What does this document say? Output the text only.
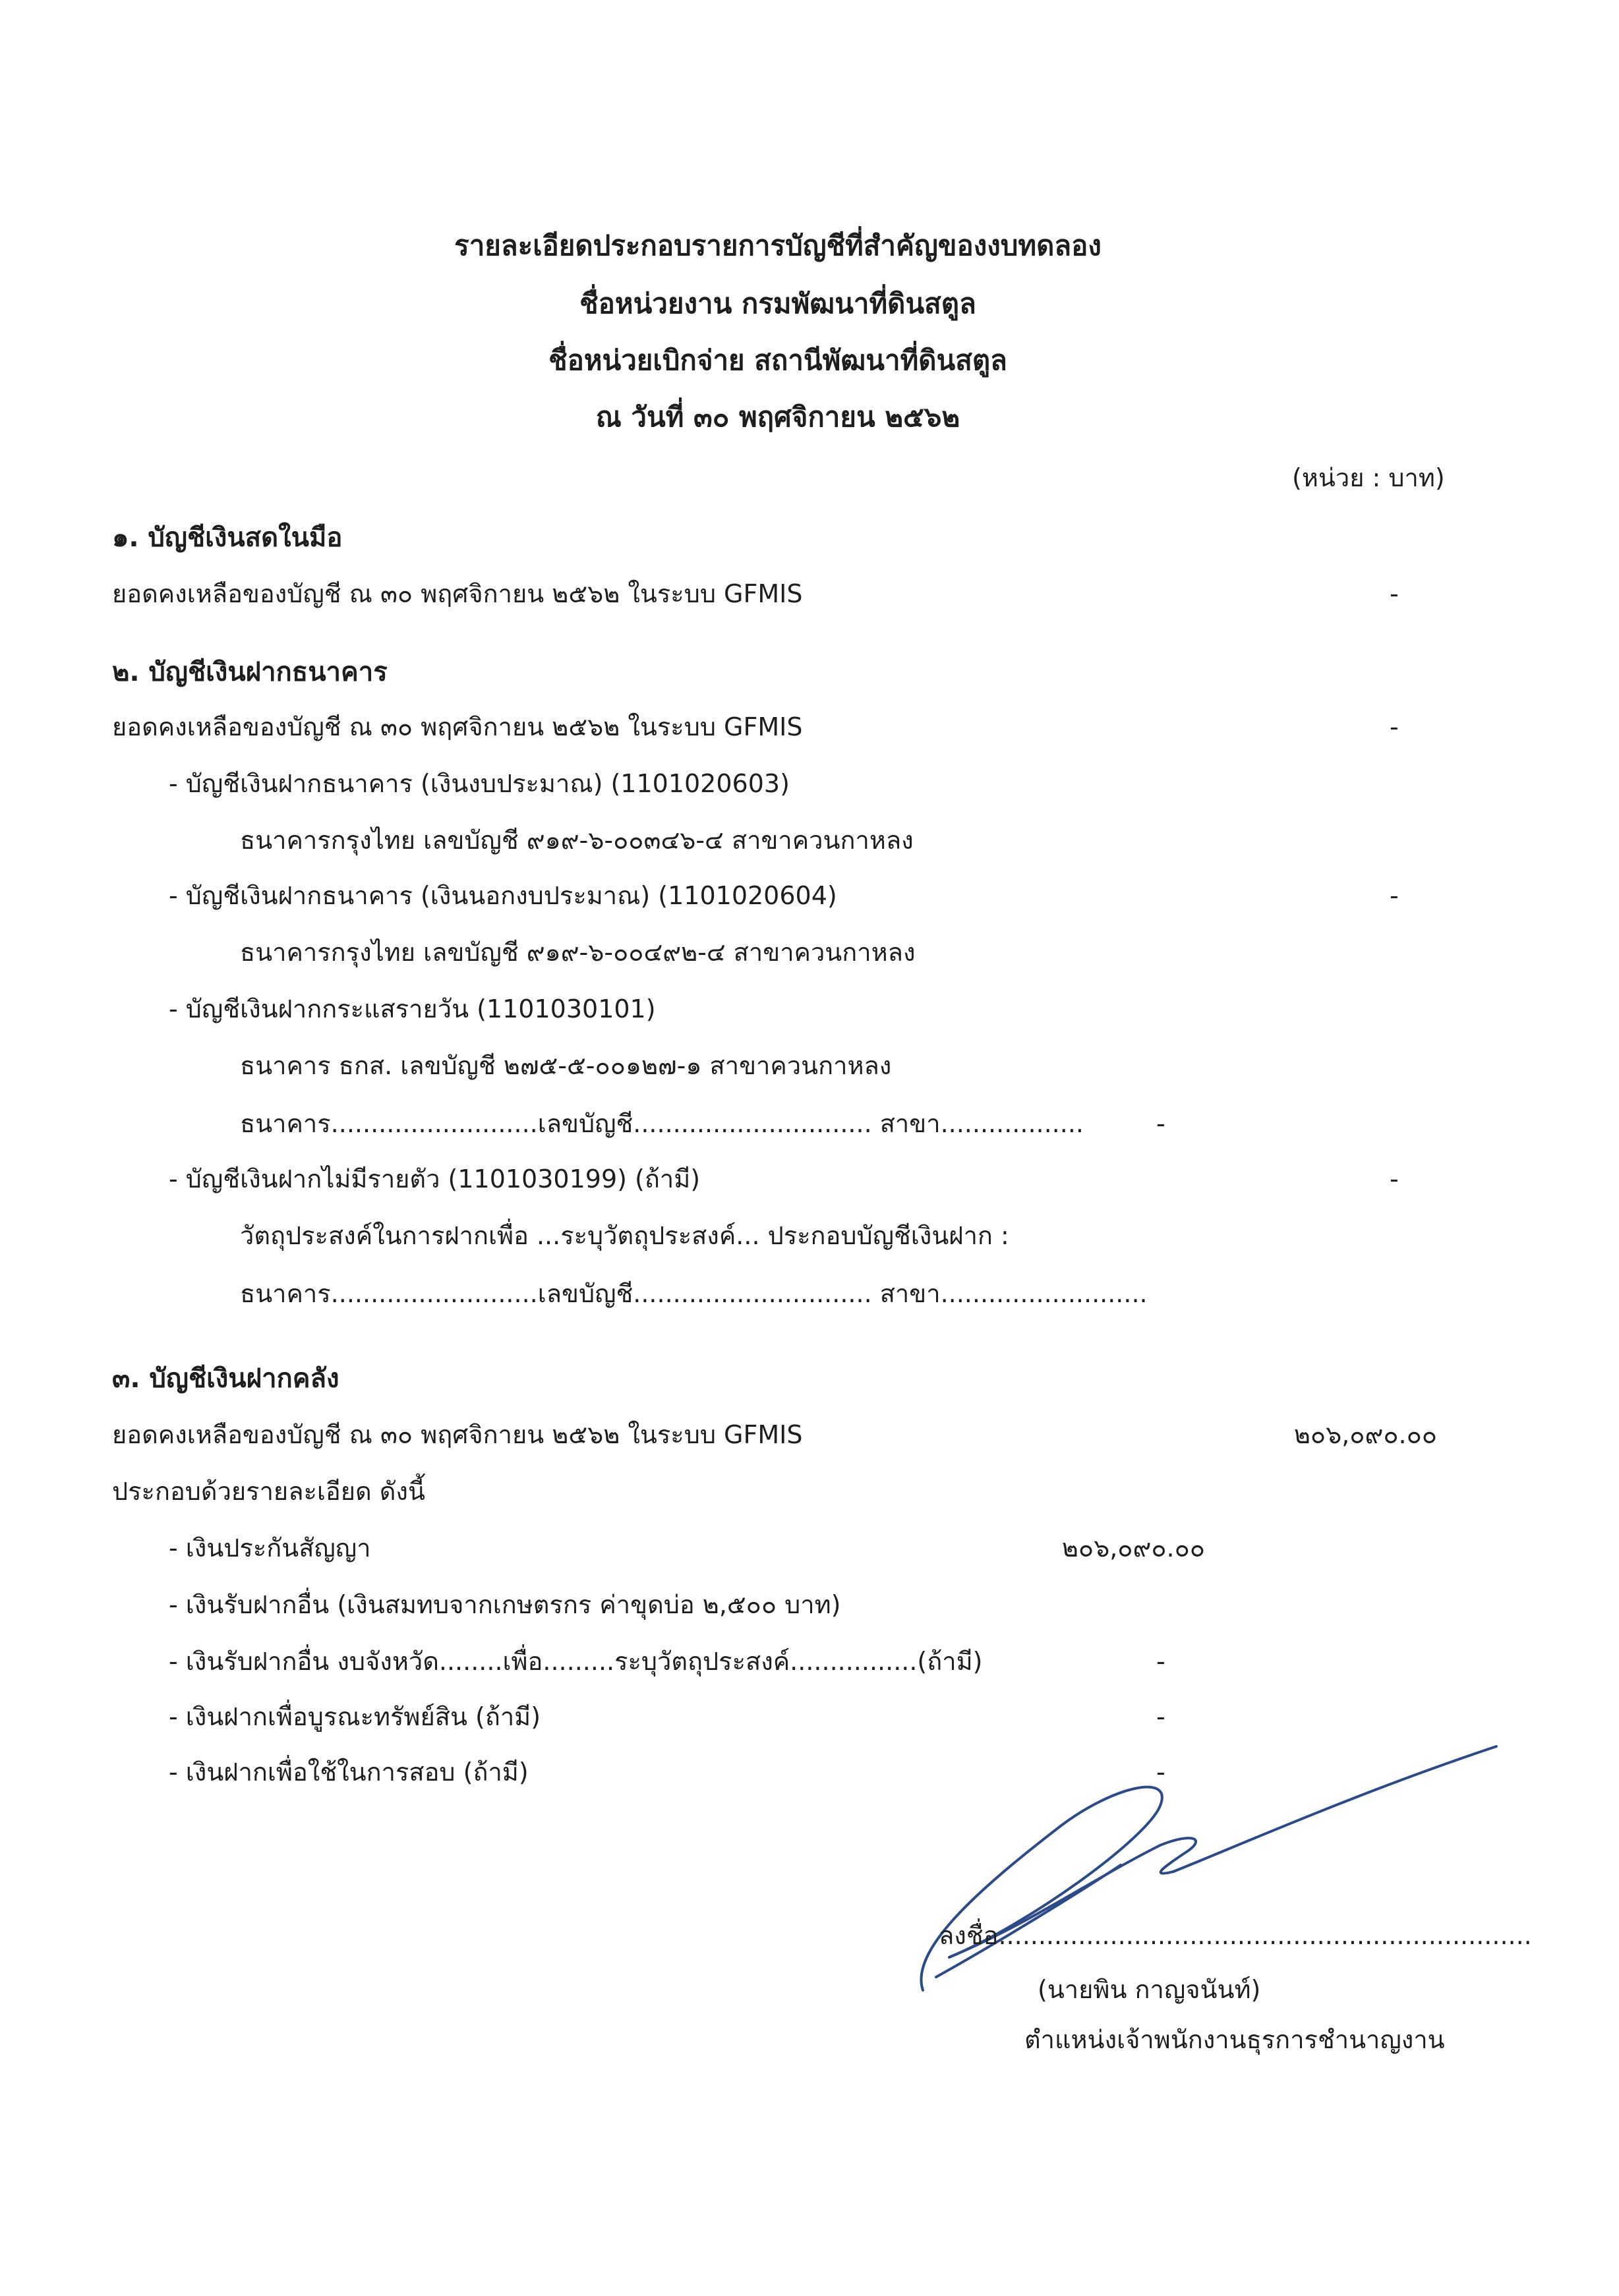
รายละเอียดประกอบรายการบัญชีที่สำคัญของงบทดลอง
ชื่อหน่วยงาน กรมพัฒนาที่ดินสตูล
ชื่อหน่วยเบิกจ่าย สถานีพัฒนาที่ดินสตูล
ณ วันที่ ๓๐ พฤศจิกายน ๒๕๖๒
(หน่วย : บาท)
๑. บัญชีเงินสดในมือ
ยอดคงเหลือของบัญชี ณ ๓๐ พฤศจิกายน ๒๕๖๒ ในระบบ GFMIS	-
๒. บัญชีเงินฝากธนาคาร
ยอดคงเหลือของบัญชี ณ ๓๐ พฤศจิกายน ๒๕๖๒ ในระบบ GFMIS	-
- บัญชีเงินฝากธนาคาร (เงินงบประมาณ) (1101020603)
ธนาคารกรุงไทย เลขบัญชี ๙๑๙-๖-๐๐๓๔๖-๔ สาขาควนกาหลง
- บัญชีเงินฝากธนาคาร (เงินนอกงบประมาณ) (1101020604)	-
ธนาคารกรุงไทย เลขบัญชี ๙๑๙-๖-๐๐๔๙๒-๔ สาขาควนกาหลง
- บัญชีเงินฝากกระแสรายวัน (1101030101)
ธนาคาร ธกส. เลขบัญชี ๒๗๕-๕-๐๐๑๒๗-๑ สาขาควนกาหลง
ธนาคาร..........................เลขบัญชี.............................. สาขา..................	-
- บัญชีเงินฝากไม่มีรายตัว (1101030199) (ถ้ามี)	-
วัตถุประสงค์ในการฝากเพื่อ ...ระบุวัตถุประสงค์... ประกอบบัญชีเงินฝาก :
ธนาคาร..........................เลขบัญชี.............................. สาขา..........................
๓. บัญชีเงินฝากคลัง
ยอดคงเหลือของบัญชี ณ ๓๐ พฤศจิกายน ๒๕๖๒ ในระบบ GFMIS	๒๐๖,๐๙๐.๐๐
ประกอบด้วยรายละเอียด ดังนี้
- เงินประกันสัญญา	๒๐๖,๐๙๐.๐๐
- เงินรับฝากอื่น (เงินสมทบจากเกษตรกร ค่าขุดบ่อ ๒,๕๐๐ บาท)
- เงินรับฝากอื่น งบจังหวัด........เพื่อ.........ระบุวัตถุประสงค์................(ถ้ามี)	-
- เงินฝากเพื่อบูรณะทรัพย์สิน (ถ้ามี)	-
- เงินฝากเพื่อใช้ในการสอบ (ถ้ามี)	-
ลงชื่อ...................................................................
(นายพิน กาญจนันท์)
ตำแหน่งเจ้าพนักงานธุรการชำนาญงาน
